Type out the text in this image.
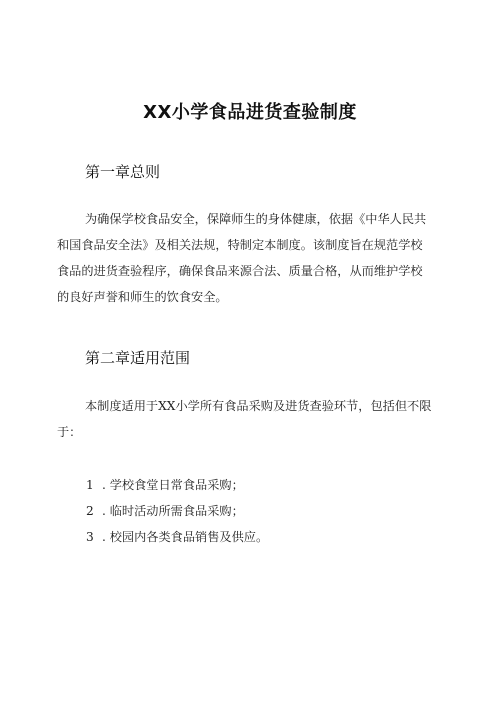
XX小学食品进货查验制度
第一章总则

为确保学校食品安全，保障师生的身体健康，依据《中华人民共
和国食品安全法》及相关法规，特制定本制度。该制度旨在规范学校
食品的进货查验程序，确保食品来源合法、质量合格，从而维护学校
的良好声誉和师生的饮食安全。

第二章适用范围

本制度适用于XX小学所有食品采购及进货查验环节，包括但不限
于：

1 . 学校食堂日常食品采购；
2 . 临时活动所需食品采购；
3 . 校园内各类食品销售及供应。
